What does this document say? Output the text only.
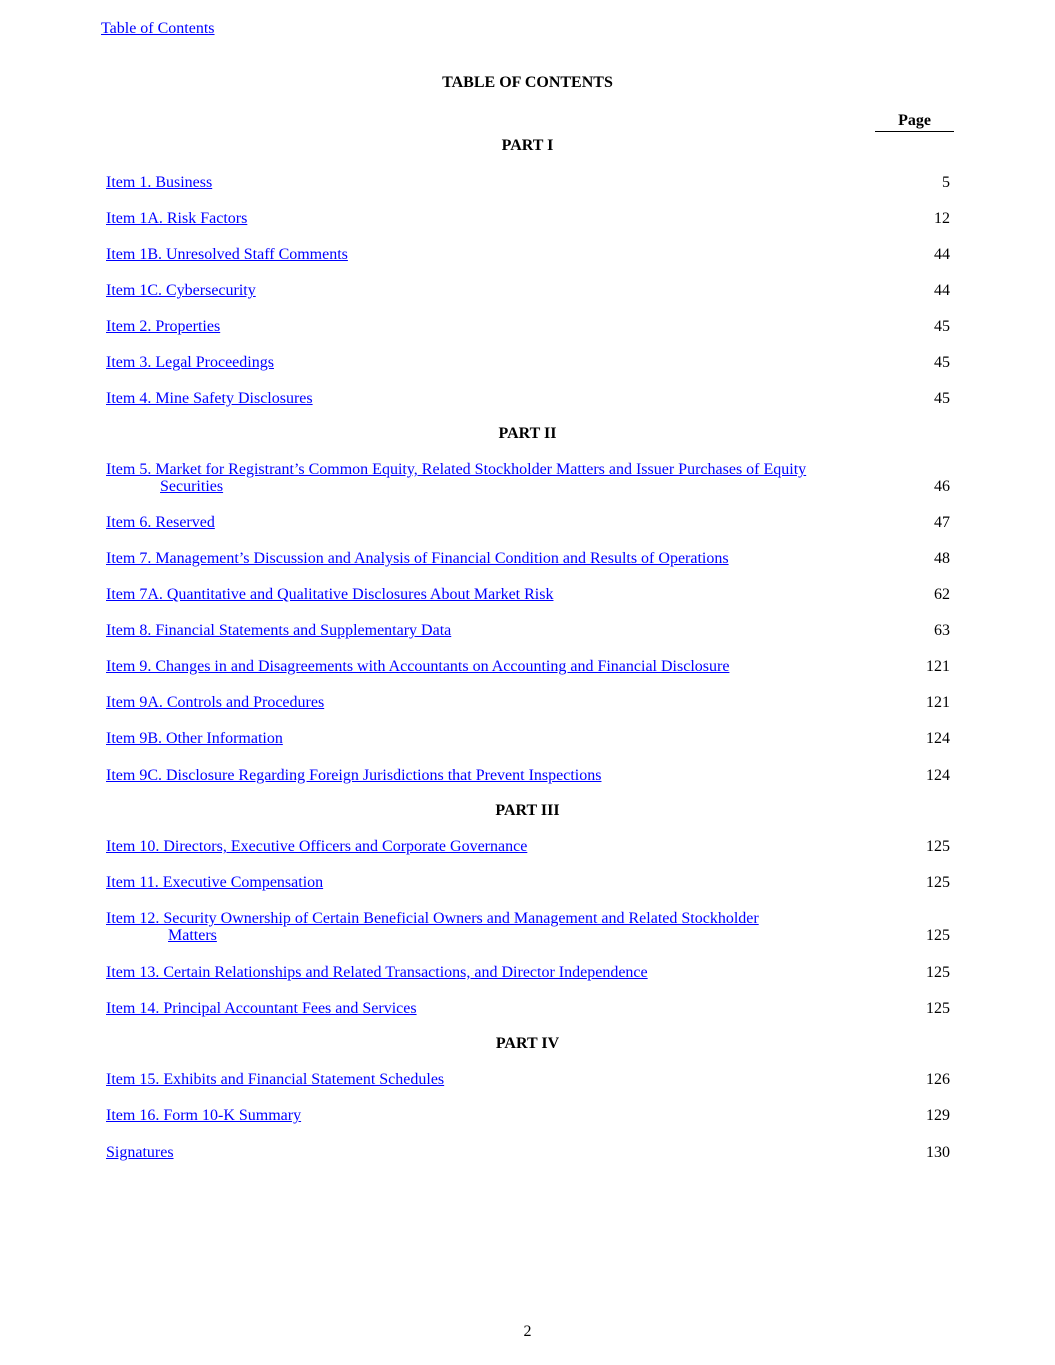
Table of Contents
TABLE OF CONTENTS
Page
PART I
Item 1. Business	5
Item 1A. Risk Factors	12
Item 1B. Unresolved Staff Comments	44
Item 1C. Cybersecurity	44
Item 2. Properties	45
Item 3. Legal Proceedings	45
Item 4. Mine Safety Disclosures	45
PART II
Item 5. Market for Registrant’s Common Equity, Related Stockholder Matters and Issuer Purchases of Equity
Securities	46
Item 6. Reserved	47
Item 7. Management’s Discussion and Analysis of Financial Condition and Results of Operations	48
Item 7A. Quantitative and Qualitative Disclosures About Market Risk	62
Item 8. Financial Statements and Supplementary Data	63
Item 9. Changes in and Disagreements with Accountants on Accounting and Financial Disclosure	121
Item 9A. Controls and Procedures	121
Item 9B. Other Information	124
Item 9C. Disclosure Regarding Foreign Jurisdictions that Prevent Inspections	124
PART III
Item 10. Directors, Executive Officers and Corporate Governance	125
Item 11. Executive Compensation	125
Item 12. Security Ownership of Certain Beneficial Owners and Management and Related Stockholder
Matters	125
Item 13. Certain Relationships and Related Transactions, and Director Independence	125
Item 14. Principal Accountant Fees and Services	125
PART IV
Item 15. Exhibits and Financial Statement Schedules	126
Item 16. Form 10-K Summary	129
Signatures	130
2
